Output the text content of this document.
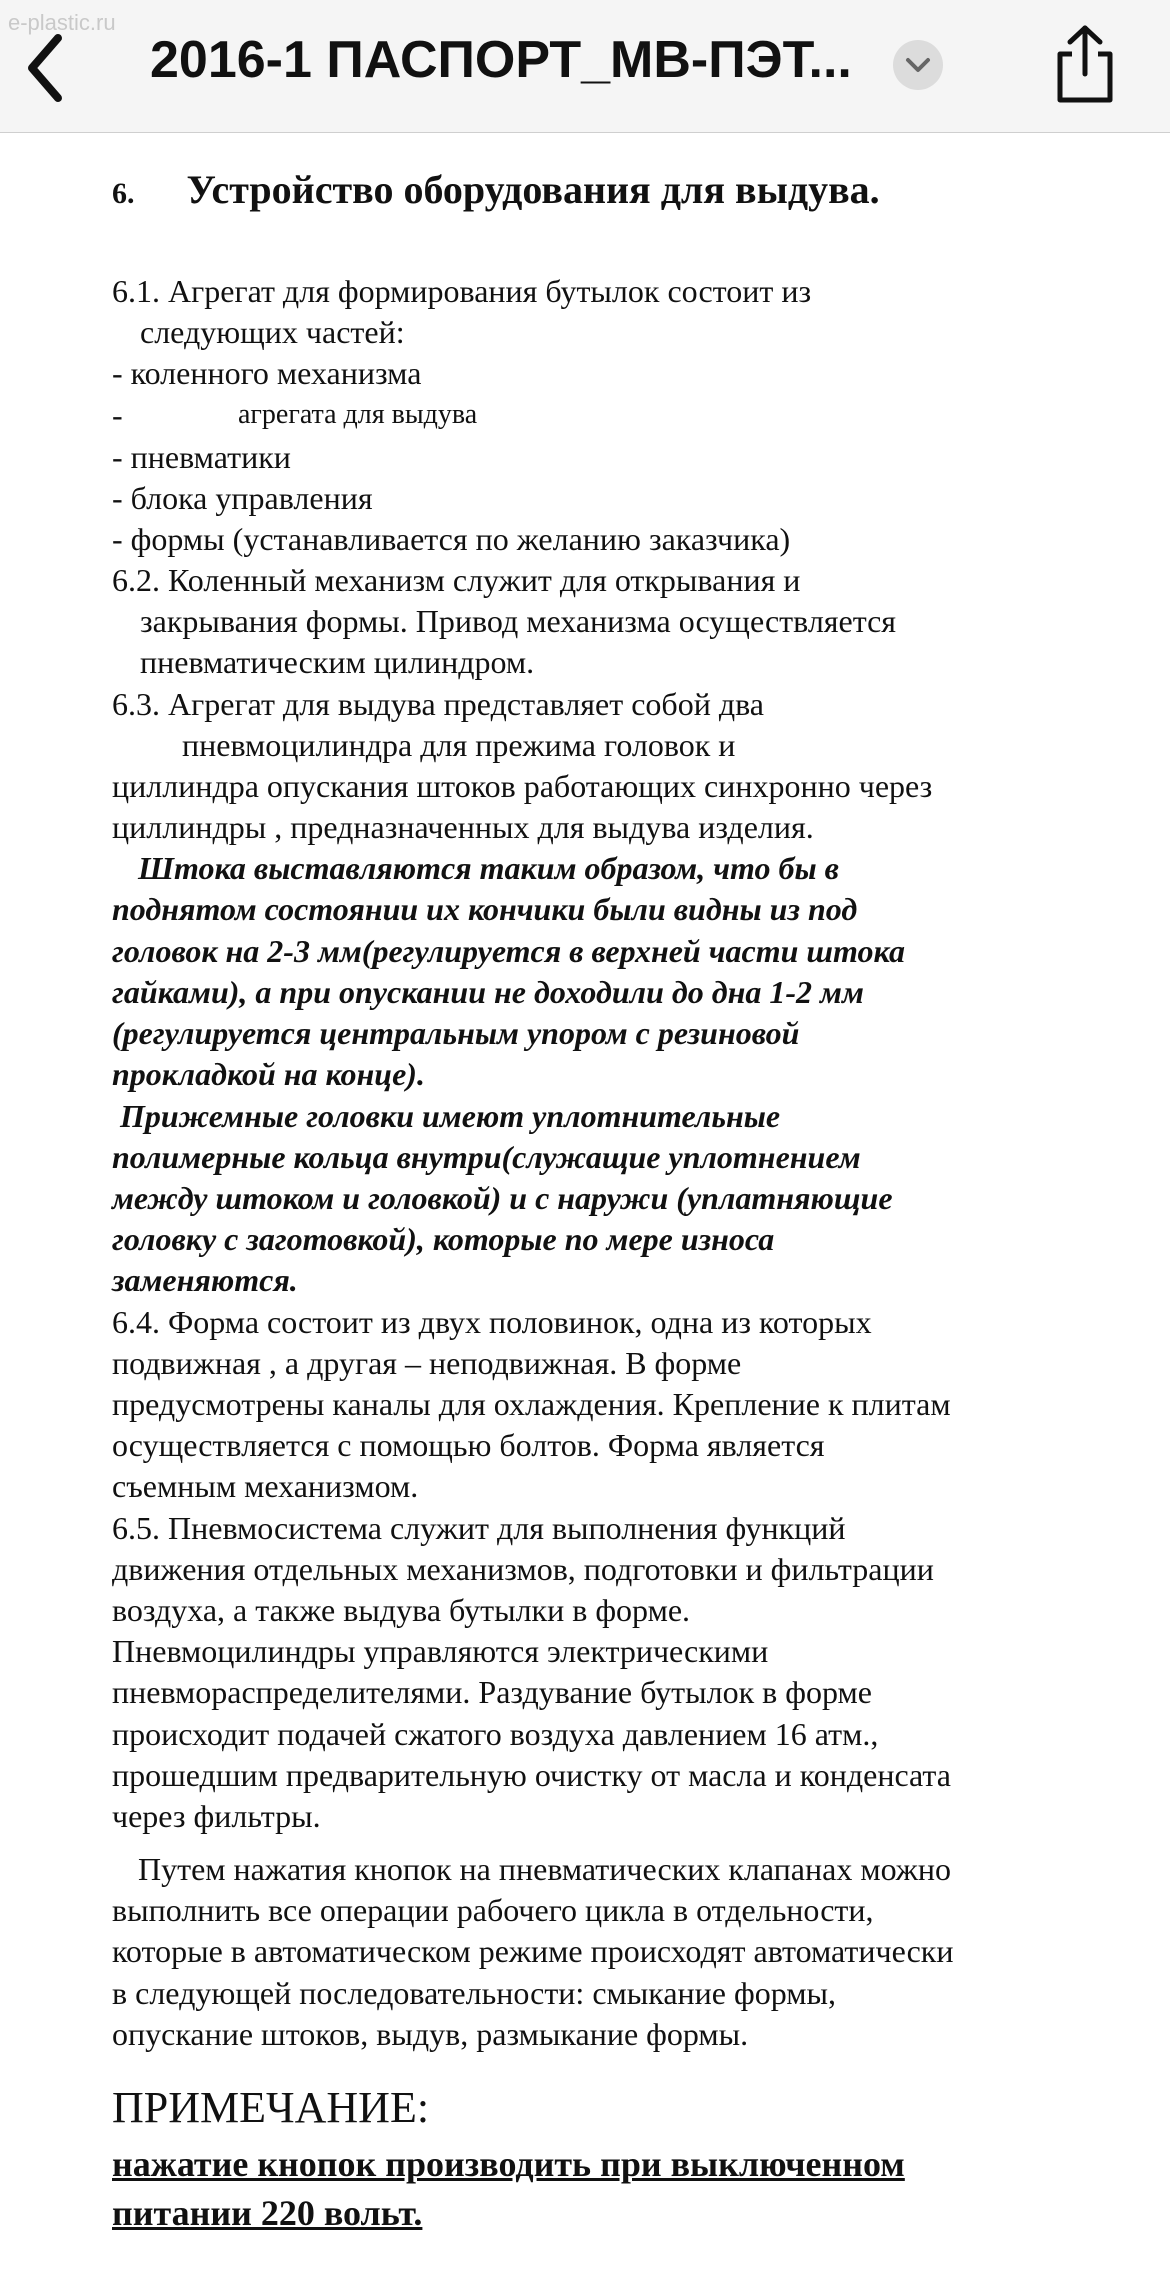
e-plastic.ru
2016-1 ПАСПОРТ_МВ-ПЭТ...
6. Устройство оборудования для выдува.
6.1. Агрегат для формирования бутылок состоит из
следующих частей:
- коленного механизма
-	агрегата для выдува
- пневматики
- блока управления
- формы (устанавливается по желанию заказчика)
6.2. Коленный механизм служит для открывания и
закрывания формы. Привод механизма осуществляется
пневматическим цилиндром.
6.3. Агрегат для выдува представляет собой два
пневмоцилиндра для прежима головок и
циллиндра опускания штоков работающих синхронно через
циллиндры , предназначенных для выдува изделия.
Штока выставляются таким образом, что бы в
поднятом состоянии их кончики были видны из под
головок на 2-3 мм(регулируется в верхней части штока
гайками), а при опускании не доходили до дна 1-2 мм
(регулируется центральным упором с резиновой
прокладкой на конце).
Прижемные головки имеют уплотнительные
полимерные кольца внутри(служащие уплотнением
между штоком и головкой) и с наружи (уплатняющие
головку с заготовкой), которые по мере износа
заменяются.
6.4. Форма состоит из двух половинок, одна из которых
подвижная , а другая – неподвижная. В форме
предусмотрены каналы для охлаждения. Крепление к плитам
осуществляется с помощью болтов. Форма является
съемным механизмом.
6.5. Пневмосистема служит для выполнения функций
движения отдельных механизмов, подготовки и фильтрации
воздуха, а также выдува бутылки в форме.
Пневмоцилиндры управляются электрическими
пневмораспределителями. Раздувание бутылок в форме
происходит подачей сжатого воздуха давлением 16 атм.,
прошедшим предварительную очистку от масла и конденсата
через фильтры.
Путем нажатия кнопок на пневматических клапанах можно
выполнить все операции рабочего цикла в отдельности,
которые в автоматическом режиме происходят автоматически
в следующей последовательности: смыкание формы,
опускание штоков, выдув, размыкание формы.
ПРИМЕЧАНИЕ:
нажатие кнопок производить при выключенном
питании 220 вольт.
